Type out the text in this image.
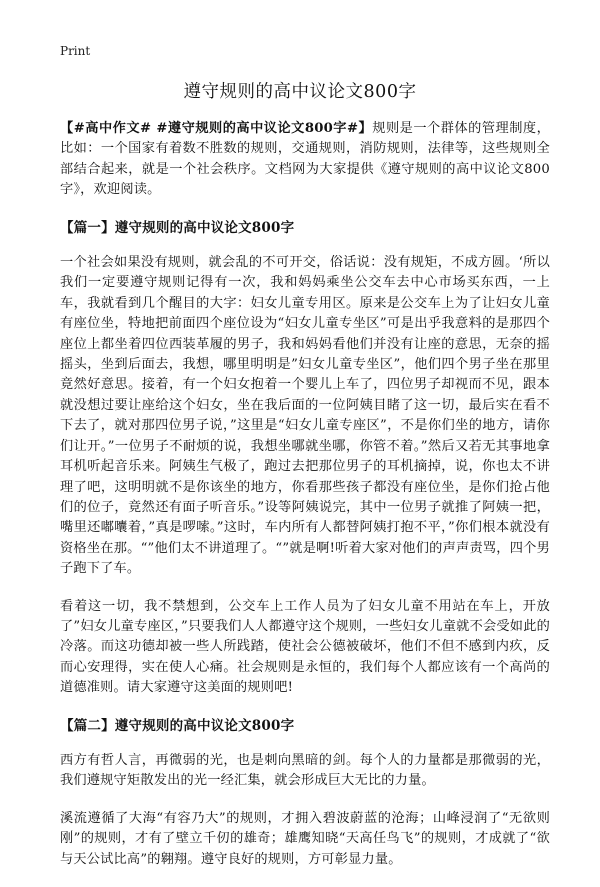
Print
遵守规则的高中议论文800字

【#高中作文# #遵守规则的高中议论文800字#】规则是一个群体的管理制度，比如：一个国家有着数不胜数的规则，交通规则，消防规则，法律等，这些规则全部结合起来，就是一个社会秩序。文档网为大家提供《遵守规则的高中议论文800字》，欢迎阅读。

【篇一】遵守规则的高中议论文800字

一个社会如果没有规则，就会乱的不可开交，俗话说：没有规矩，不成方圆。‘所以我们一定要遵守规则记得有一次，我和妈妈乘坐公交车去中心市场买东西，一上车，我就看到几个醒目的大字：妇女儿童专用区。原来是公交车上为了让妇女儿童有座位坐，特地把前面四个座位设为“妇女儿童专坐区”可是出乎我意料的是那四个座位上都坐着四位西装革履的男子，我和妈妈看他们并没有让座的意思，无奈的摇摇头，坐到后面去，我想，哪里明明是”妇女儿童专坐区”，他们四个男子坐在那里竟然好意思。接着，有一个妇女抱着一个婴儿上车了，四位男子却视而不见，跟本就没想过要让座给这个妇女，坐在我后面的一位阿姨目睹了这一切，最后实在看不下去了，就对那四位男子说，”这里是“妇女儿童专座区”，不是你们坐的地方，请你们让开。”一位男子不耐烦的说，我想坐哪就坐哪，你管不着。”然后又若无其事地拿耳机听起音乐来。阿姨生气极了，跑过去把那位男子的耳机摘掉，说，你也太不讲理了吧，这明明就不是你该坐的地方，你看那些孩子都没有座位坐，是你们抢占他们的位子，竟然还有面子听音乐。”设等阿姨说完，其中一位男子就推了阿姨一把，嘴里还嘟囔着，”真是啰嗦。”这时，车内所有人都替阿姨打抱不平，”你们根本就没有资格坐在那。“”他们太不讲道理了。“”就是啊!听着大家对他们的声声责骂，四个男子跑下了车。

看着这一切，我不禁想到，公交车上工作人员为了妇女儿童不用站在车上，开放了”妇女儿童专座区，”只要我们人人都遵守这个规则，一些妇女儿童就不会受如此的冷落。而这功德却被一些人所践踏，使社会公德被破坏，他们不但不感到内疚，反而心安理得，实在使人心痛。社会规则是永恒的，我们每个人都应该有一个高尚的道德准则。请大家遵守这美面的规则吧!

【篇二】遵守规则的高中议论文800字

西方有哲人言，再微弱的光，也是刺向黑暗的剑。每个人的力量都是那微弱的光，我们遵规守矩散发出的光一经汇集，就会形成巨大无比的力量。

溪流遵循了大海“有容乃大”的规则，才拥入碧波蔚蓝的沧海；山峰浸润了“无欲则刚”的规则，才有了壁立千仞的雄奇；雄鹰知晓“天高任鸟飞”的规则，才成就了“欲与天公试比高”的翱翔。遵守良好的规则，方可彰显力量。
